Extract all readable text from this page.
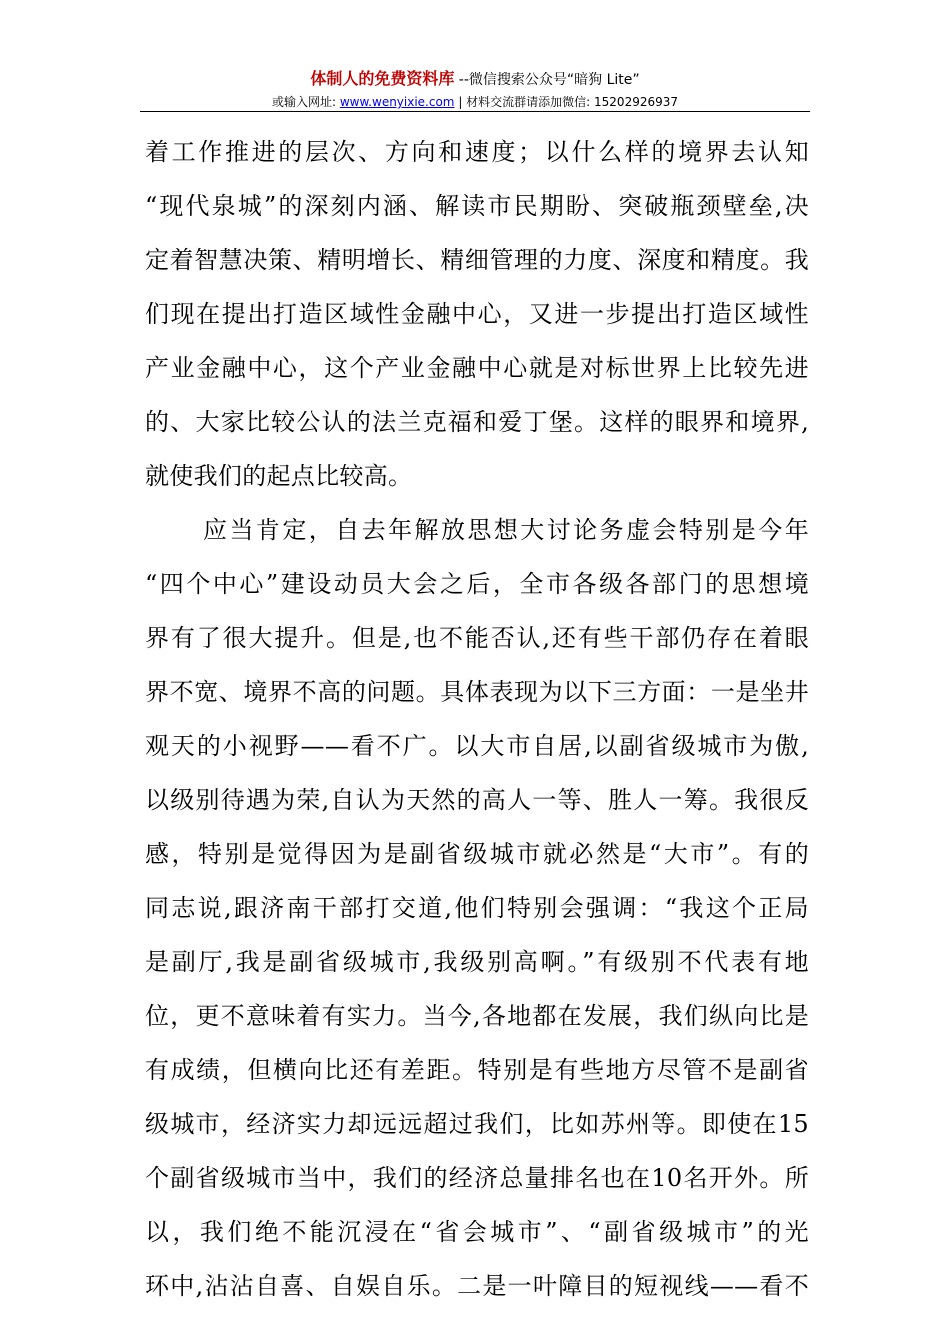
体制人的免费资料库 --微信搜索公众号“暗狗 Lite”
或输入网址: www.wenyixie.com | 材料交流群请添加微信: 15202926937
着工作推进的层次、方向和速度；以什么样的境界去认知
“现代泉城”的深刻内涵、解读市民期盼、突破瓶颈壁垒,决
定着智慧决策、精明增长、精细管理的力度、深度和精度。我
们现在提出打造区域性金融中心，又进一步提出打造区域性
产业金融中心，这个产业金融中心就是对标世界上比较先进
的、大家比较公认的法兰克福和爱丁堡。这样的眼界和境界,
就使我们的起点比较高。
应当肯定，自去年解放思想大讨论务虚会特别是今年
“四个中心”建设动员大会之后，全市各级各部门的思想境
界有了很大提升。但是,也不能否认,还有些干部仍存在着眼
界不宽、境界不高的问题。具体表现为以下三方面：一是坐井
观天的小视野——看不广。以大市自居,以副省级城市为傲,
以级别待遇为荣,自认为天然的高人一等、胜人一筹。我很反
感，特别是觉得因为是副省级城市就必然是“大市”。有的
同志说,跟济南干部打交道,他们特别会强调：“我这个正局
是副厅,我是副省级城市,我级别高啊。”有级别不代表有地
位，更不意味着有实力。当今,各地都在发展，我们纵向比是
有成绩，但横向比还有差距。特别是有些地方尽管不是副省
级城市，经济实力却远远超过我们，比如苏州等。即使在15
个副省级城市当中，我们的经济总量排名也在10名开外。所
以，我们绝不能沉浸在“省会城市”、“副省级城市”的光
环中,沾沾自喜、自娱自乐。二是一叶障目的短视线——看不
